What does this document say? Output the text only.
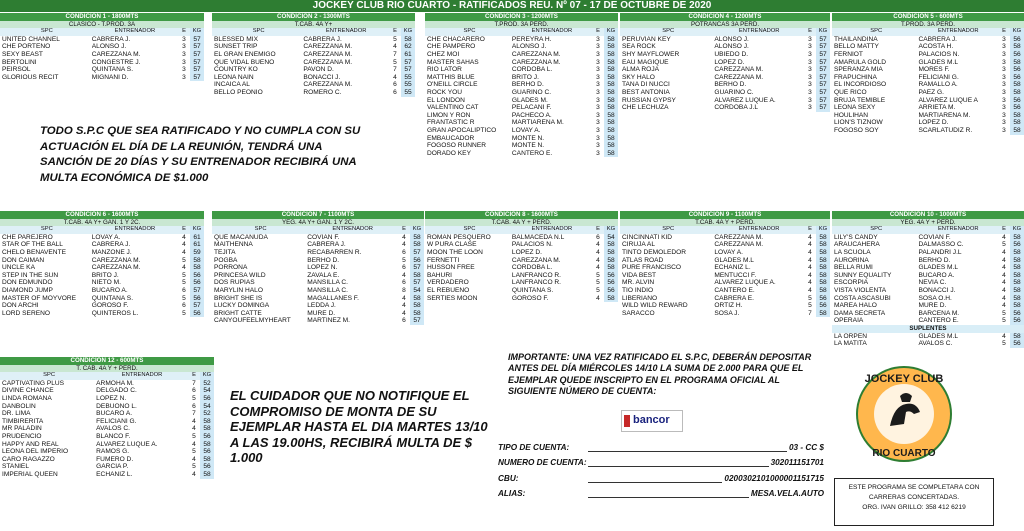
JOCKEY CLUB RIO CUARTO - RATIFICADOS REU. Nº 07 - 17 DE OCTUBRE DE 2020
CONDICION 1 - 1800MTS
CLASICO - T.PROD. 3A
SPC	ENTRENADOR	E	KG
UNITED CHANNEL	CABRERA J.	3	57
CHE PORTEÑO	ALONSO J.	3	57
SEXY BEAST	CAREZZANA M.	3	57
BERTOLINI	CONGESTRE J.	3	57
PEIRSOL	QUINTANA S.	3	57
GLORIOUS RECIT	MIGNANI D.	3	57
CONDICION 2 - 1300MTS
T.CAB. 4A Y+
SPC	ENTRENADOR	E	KG
BLESSED MIX	CABRERA J.	5	58
SUNSET TRIP	CAREZZANA M.	4	62
EL GRAN ENEMIGO	CAREZZANA M.	7	61
QUE VIDAL BUENO	CAREZZANA M.	5	57
COUNTRY KO	PAVON D.	7	57
LEONA NAIN	BONACCI J.	4	55
INCAICA AL	CAREZZANA M.	6	55
BELLO PEONIO	ROMERO C.	6	55
CONDICION 3 - 1200MTS
T.PROD. 3A PERD.
SPC	ENTRENADOR	E	KG
CHE CHACARERO	PEREYRA H.	3	58
CHE PAMPERO	ALONSO J.	3	58
CHEZ MOI	CAREZZANA M.	3	58
MASTER SAHAS	CAREZZANA M.	3	58
RIO LATOR	CORDOBA L.	3	58
MATTHIS BLUE	BRITO J.	3	58
O'NEILL CIRCLE	BERHO D.	3	58
ROCK YOU	GUARINO C.	3	58
EL LONDON	GLADES M.	3	58
VALENTINO CAT	PELACANI F.	3	58
LIMON Y RON	PACHECO A.	3	58
FRANTASTIC R	MARTIARENA M.	3	58
GRAN APOCALIPTICO	LOVAY A.	3	58
EMBAUCADOR	MONTE N.	3	58
FOGOSO RUNNER	MONTE N.	3	58
DORADO KEY	CANTERO E.	3	58
CONDICION 4 - 1200MTS
POTRANCAS 3A PERD.
SPC	ENTRENADOR	E	KG
PERUVIAN KEY	ALONSO J.	3	57
SEA ROCK	ALONSO J.	3	57
SHY MAYFLOWER	UBIEDO D.	3	57
EAU MAGIQUE	LOPEZ D.	3	57
ALMA ROJA	CAREZZANA M.	3	57
SKY HALO	CAREZZANA M.	3	57
TANA DI NUCCI	BERHO D.	3	57
BEST ANTONIA	GUARINO C.	3	57
RUSSIAN GYPSY	ALVAREZ LUQUE A.	3	57
CHE LECHUZA	CORDOBA J.L	3	57
CONDICION 5 - 600MTS
T.PROD. 3A PERD.
SPC	ENTRENADOR	E	KG
THAILANDINA	CABRERA J.	3	56
BELLO MATTY	ACOSTA H.	3	58
FERNIOT	PALACIOS N.	3	56
AMARULA GOLD	GLADES M.L	3	58
SPERANZA MIA	MORES F.	3	56
FRAPUCHINA	FELICIANI G.	3	56
EL INCORDIOSO	RAMALLO A.	3	58
QUE RICO	PAEZ G.	3	58
BRUJA TEMIBLE	ALVAREZ LUQUE A	3	56
LEONA SEXY	ARRIETA M.	3	56
HOULIHAN	MARTIARENA M.	3	58
LION'S TIZNOW	LOPEZ D.	3	58
FOGOSO SOY	SCARLATUDIZ R.	3	58
CONDICION 6 - 1600MTS
T.CAB. 4A Y+ GAN. 1 Y 2C.
SPC	ENTRENADOR	E	KG
CHE PAREJERO	LOVAY A.	4	61
STAR OF THE BALL	CABRERA J.	4	61
CHELO BENAVENTE	MANZONE J.	4	59
DON CAIMAN	CAREZZANA M.	5	58
UNCLE KA	CAREZZANA M.	4	58
STEP IN THE SUN	BRITO J.	5	56
DON EDMUNDO	NIETO M.	5	56
DIAMOND JUMP	BUCARO A.	6	57
MASTER OF MOYVORE	QUINTANA S.	5	56
DON ARCHI	GOROSO F.	6	57
LORD SERENO	QUINTEROS L.	5	56
CONDICION 7 - 1100MTS
YEG. 4A Y+ GAN. 1 Y 2C.
SPC	ENTRENADOR	E	KG
QUE MACANUDA	COVIAN F.	4	58
MAITHENNA	CABRERA J.	4	58
TEJITA	RECABARREN R.	6	57
POGBA	BERHO D.	5	56
PORRONA	LOPEZ N.	6	57
PRINCESA WILD	ZAVALA E.	4	58
DOS RUPIAS	MANSILLA C.	6	57
MARYLIN HALO	MANSILLA C.	8	54
BRIGHT SHE IS	MAGALLANES F.	4	58
LUCKY DOMINGA	LEDDA J.	4	58
BRIGHT CATTE	MURE D.	4	58
CANYOUFEELMYHEART	MARTINEZ M.	6	57
CONDICION 8 - 1600MTS
T.CAB. 4A Y + PERD.
SPC	ENTRENADOR	E	KG
ROMAN PESQUERO	BALMACEDA N.L	6	54
W PURA CLASE	PALACIOS N.	4	58
MOON THE LOON	LOPEZ D.	4	58
FERNETTI	CAREZZANA M.	4	58
HUSSON FREE	CORDOBA L.	4	58
BAHURI	LANFRANCO R.	5	56
VERDADERO	LANFRANCO R.	5	56
EL REBUENO	QUINTANA S.	5	56
SERTIES MOON	GOROSO F.	4	58
CONDICION 9 - 1100MTS
T.CAB. 4A Y + PERD.
SPC	ENTRENADOR	E	KG
CINCINNATI KID	CAREZZANA M.	4	58
CIRUJA AL	CAREZZANA M.	4	58
TINTO DEMOLEDOR	LOVAY A.	4	58
ATLAS ROAD	GLADES M.L	4	58
PURE FRANCISCO	ECHANIZ L.	4	58
VIDA BEST	MENTUCCI F.	4	58
MR. ALVIN	ALVAREZ LUQUE A.	4	58
TIO INDIO	CANTERO E.	4	58
LIBERIANO	CABRERA E.	5	56
WILD WILD REWARD	ORTIZ H.	5	56
SARACCO	SOSA J.	7	58
CONDICION 10 - 1000MTS
YEG. 4A Y + PERD.
SPC	ENTRENADOR	E	KG
LILY'S CANDY	COVIAN F.	4	58
ARAUCAHERA	DALMASSO C.	5	56
LA SCUOLA	PALANDRI J.L	4	58
AURORINA	BERHO D.	4	58
BELLA RUMI	GLADES M.L	4	58
SUNNY EQUALITY	BUCARO A.	4	58
ESCORPIA	NEVIA C.	4	58
VISTA VIOLENTA	BONACCI J.	4	58
COSTA ASCASUBI	SOSA O.H.	4	58
MAREA HALO	MURE D.	4	58
DAMA SECRETA	BARCENA M.	5	56
OPERAIA	CANTERO E.	5	56
SUPLENTES
LA ORPEN	GLADES M.L	4	58
LA MATITA	AVALOS C.	5	56
CONDICION 12 - 600MTS
T. CAB. 4A Y + PERD.
SPC	ENTRENADOR	E	KG
CAPTIVATING PLUS	ARMOHA M.	7	52
DIVINE CHANCE	DELGADO C.	6	54
LINDA ROMANA	LOPEZ N.	5	56
DANBOLIN	DEBUONO L.	6	54
DR. LIMA	BUCARO A.	7	52
TIMBIRERITA	FELICIANI G.	4	58
MR PALADIN	AVALOS C.	4	58
PRUDENCIO	BLANCO F.	5	56
HAPPY AND REAL	ALVAREZ LUQUE A.	4	58
LEONA DEL IMPERIO	RAMOS G.	5	56
CARO RAGAZZO	FUMERO D.	4	58
STANIEL	GARCIA P.	5	56
IMPERIAL QUEEN	ECHANIZ L.	4	58
TODO S.P.C QUE SEA RATIFICADO Y NO CUMPLA CON SU ACTUACIÓN EL DÍA DE LA REUNIÓN, TENDRÁ UNA SANCIÓN DE 20 DÍAS Y SU ENTRENADOR RECIBIRÁ UNA MULTA ECONÓMICA DE $1.000
EL CUIDADOR QUE NO NOTIFIQUE EL COMPROMISO DE MONTA DE SU EJEMPLAR HASTA EL DIA MARTES 13/10 A LAS 19.00HS, RECIBIRÁ MULTA DE $ 1.000
IMPORTANTE: UNA VEZ RATIFICADO EL S.P.C, DEBERÁN DEPOSITAR ANTES DEL DÍA MIÉRCOLES 14/10 LA SUMA DE 2.000 PARA QUE EL EJEMPLAR QUEDE INSCRIPTO EN EL PROGRAMA OFICIAL AL SIGUIENTE NÚMERO DE CUENTA:
bancor
TIPO DE CUENTA:	03 - CC $
NUMERO DE CUENTA:	302011151701
CBU:	0200302101000001151715
ALIAS:	MESA.VELA.AUTO
JOCKEY CLUB
RIO CUARTO
ESTE PROGRAMA SE COMPLETARA CON
CARRERAS CONCERTADAS.
ORG. IVAN GRILLO: 358 412 6219
